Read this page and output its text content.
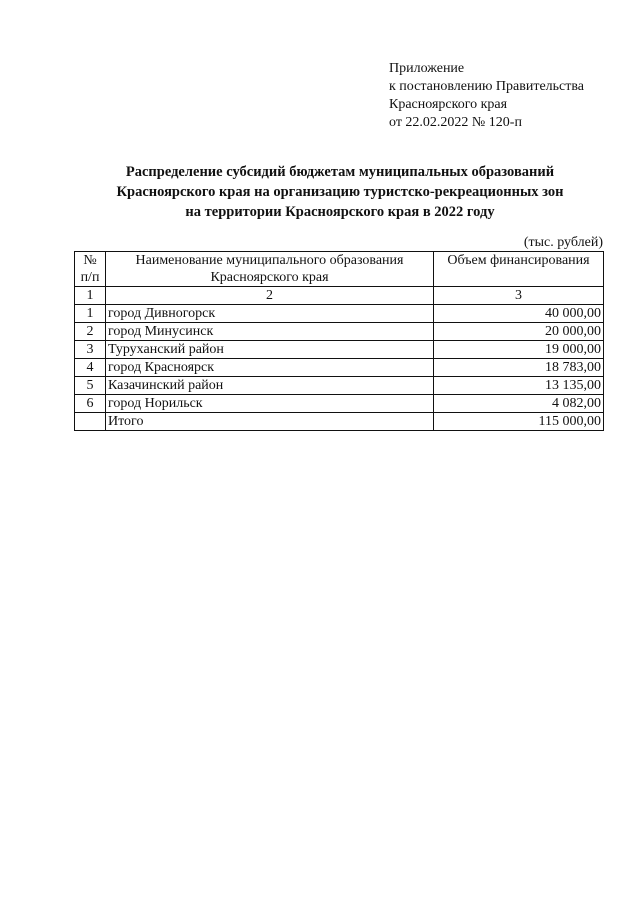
Приложение
к постановлению Правительства
Красноярского края
от 22.02.2022 № 120-п
Распределение субсидий бюджетам муниципальных образований
Красноярского края на организацию туристско-рекреационных зон
на территории Красноярского края в 2022 году
(тыс. рублей)
№ п/п	Наименование муниципального образования Красноярского края	Объем финансирования
1	2	3
1	город Дивногорск	40 000,00
2	город Минусинск	20 000,00
3	Туруханский район	19 000,00
4	город Красноярск	18 783,00
5	Казачинский район	13 135,00
6	город Норильск	4 082,00
	Итого	115 000,00
